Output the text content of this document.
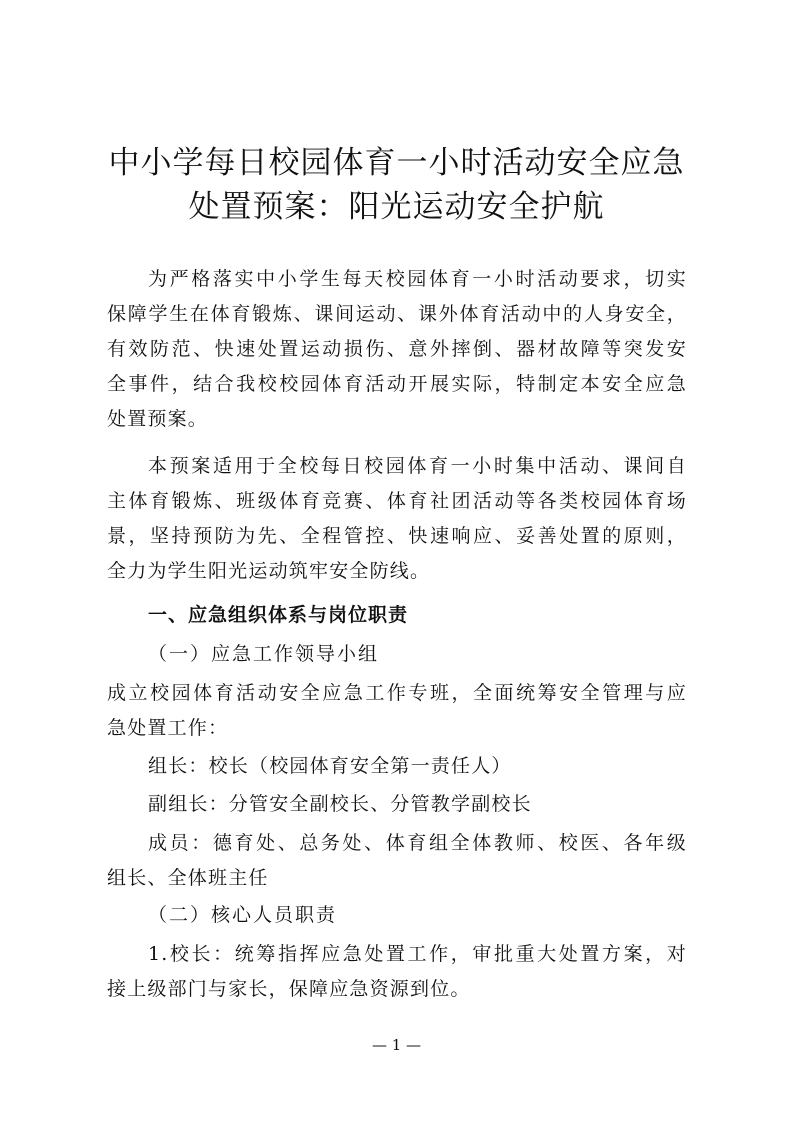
中小学每日校园体育一小时活动安全应急
处置预案：阳光运动安全护航

为严格落实中小学生每天校园体育一小时活动要求，切实

保障学生在体育锻炼、课间运动、课外体育活动中的人身安全，

有效防范、快速处置运动损伤、意外摔倒、器材故障等突发安

全事件，结合我校校园体育活动开展实际，特制定本安全应急

处置预案。

本预案适用于全校每日校园体育一小时集中活动、课间自

主体育锻炼、班级体育竞赛、体育社团活动等各类校园体育场

景，坚持预防为先、全程管控、快速响应、妥善处置的原则，

全力为学生阳光运动筑牢安全防线。

一、应急组织体系与岗位职责

（一）应急工作领导小组

成立校园体育活动安全应急工作专班，全面统筹安全管理与应

急处置工作：

组长：校长（校园体育安全第一责任人）

副组长：分管安全副校长、分管教学副校长

成员：德育处、总务处、体育组全体教师、校医、各年级

组长、全体班主任

（二）核心人员职责

1.校长：统筹指挥应急处置工作，审批重大处置方案，对

接上级部门与家长，保障应急资源到位。

— 1 —
